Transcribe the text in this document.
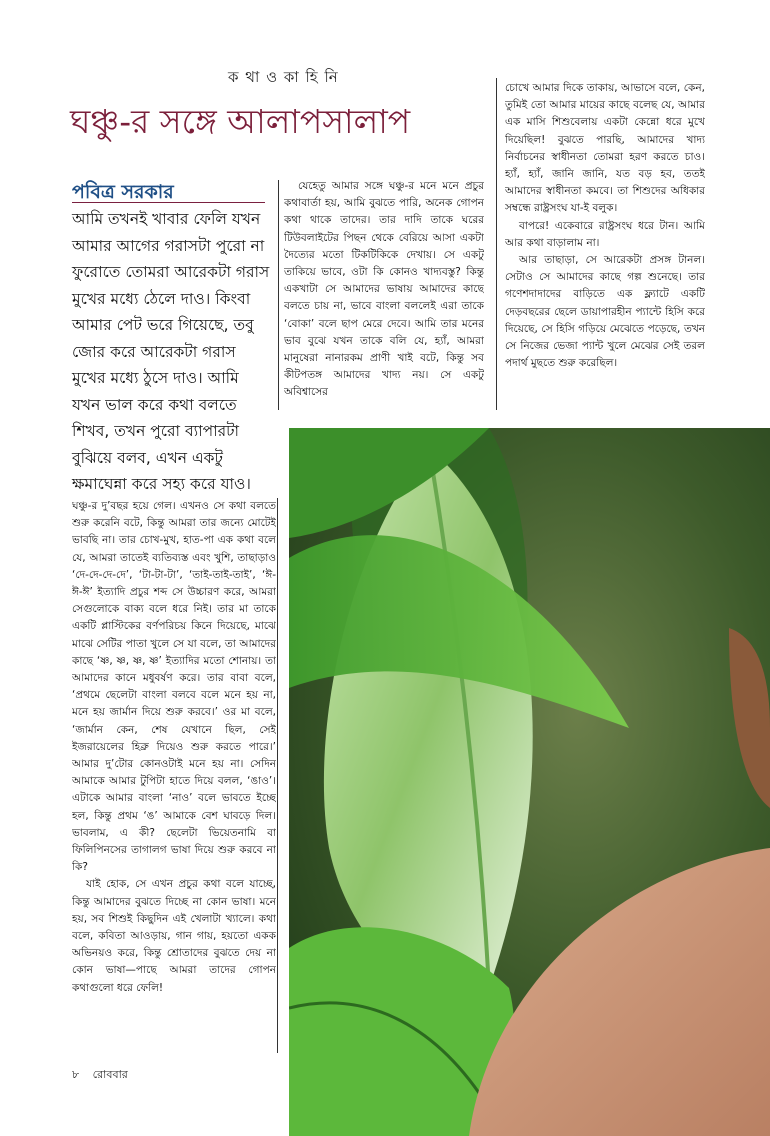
ক থা ও কা হি নি
ঘঞ্চু-র সঙ্গে আলাপসালাপ
পবিত্র সরকার
আমি তখনই খাবার ফেলি যখন আমার আগের গরাসটা পুরো না ফুরোতে তোমরা আরেকটা গরাস মুখের মধ্যে ঠেলে দাও। কিংবা আমার পেট ভরে গিয়েছে, তবু জোর করে আরেকটা গরাস মুখের মধ্যে ঠুসে দাও। আমি যখন ভাল করে কথা বলতে শিখব, তখন পুরো ব্যাপারটা বুঝিয়ে বলব, এখন একটু ক্ষমাঘেন্না করে সহ্য করে যাও।

যেহেতু আমার সঙ্গে ঘঞ্চু-র মনে মনে প্রচুর কথাবার্তা হয়, আমি বুঝতে পারি, অনেক গোপন কথা থাকে তাদের। তার দাদি তাকে ঘরের টিউবলাইটের পিছন থেকে বেরিয়ে আসা একটা দৈত্যের মতো টিকটিকিকে দেখায়। সে একটু তাকিয়ে ভাবে, ওটা কি কোনও খাদ্যবস্তু? কিন্তু একখাটা সে আমাদের ভাষায় আমাদের কাছে বলতে চায় না, ভাবে বাংলা বললেই এরা তাকে ‘বোকা’ বলে ছাপ মেরে দেবে। আমি তার মনের ভাব বুঝে যখন তাকে বলি যে, হ্যাঁ, আমরা মানুষেরা নানারকম প্রাণী খাই বটে, কিন্তু সব কীটপতঙ্গ আমাদের খাদ্য নয়। সে একটু অবিশ্বাসের

চোখে আমার দিকে তাকায়, আভাসে বলে, কেন, তুমিই তো আমার মায়ের কাছে বলেছ যে, আমার এক মাসি শিশুবেলায় একটা কেন্নো ধরে মুখে দিয়েছিল! বুঝতে পারছি, আমাদের খাদ্য নির্বাচনের স্বাধীনতা তোমরা হরণ করতে চাও। হ্যাঁ, হ্যাঁ, জানি জানি, যত বড় হব, ততই আমাদের স্বাধীনতা কমবে। তা শিশুদের অধিকার সম্বন্ধে রাষ্ট্রসংঘ যা-ই বলুক।

বাপরে! একেবারে রাষ্ট্রসংঘ ধরে টান। আমি আর কথা বাড়ালাম না।

আর তাছাড়া, সে আরেকটা প্রসঙ্গ টানল। সেটাও সে আমাদের কাছে গল্প শুনেছে। তার গণেশদাদাদের বাড়িতে এক ফ্ল্যাটে একটি দেড়বছরের ছেলে ডায়াপারহীন প্যান্টে হিসি করে দিয়েছে, সে হিসি গড়িয়ে মেঝেতে পড়েছে, তখন সে নিজের ভেজা প্যান্ট খুলে মেঝের সেই তরল পদার্থ মুছতে শুরু করেছিল।

ঘঞ্চু-র দু’বছর হয়ে গেল। এখনও সে কথা বলতে শুরু করেনি বটে, কিন্তু আমরা তার জন্যে মোটেই ভাবছি না। তার চোখ-মুখ, হাত-পা এক কথা বলে যে, আমরা তাতেই ব্যতিব্যস্ত এবং খুশি, তাছাড়াও ‘দে-দে-দে-দে’, ‘টা-টা-টা’, ‘তাই-তাই-তাই’, ‘ঈ-ঈ-ঈ’ ইত্যাদি প্রচুর শব্দ সে উচ্চারণ করে, আমরা সেগুলোকে বাক্য বলে ধরে নিই। তার মা তাকে একটি প্লাস্টিকের বর্ণপরিচয় কিনে দিয়েছে, মাঝে মাঝে সেটির পাতা খুলে সে যা বলে, তা আমাদের কাছে ‘ষ্ণ, ষ্ণ, ষ্ণ, ষ্ণ’ ইত্যাদির মতো শোনায়। তা আমাদের কানে মধুবর্ষণ করে। তার বাবা বলে, ‘প্রথমে ছেলেটা বাংলা বলবে বলে মনে হয় না, মনে হয় জার্মান দিয়ে শুরু করবে।’ ওর মা বলে, ‘জার্মান কেন, শেষ যেখানে ছিল, সেই ইজরায়েলের হিব্রু দিয়েও শুরু করতে পারে।’ আমার দু’টোর কোনওটাই মনে হয় না। সেদিন আমাকে আমার টুপিটা হাতে দিয়ে বলল, ‘ঙাও’। এটাকে আমার বাংলা ‘নাও’ বলে ভাবতে ইচ্ছে হল, কিন্তু প্রথম ‘ঙ’ আমাকে বেশ ঘাবড়ে দিল। ভাবলাম, এ কী? ছেলেটা ভিয়েতনামি বা ফিলিপিনসের তাগালগ ভাষা দিয়ে শুরু করবে না কি?

যাই হোক, সে এখন প্রচুর কথা বলে যাচ্ছে, কিন্তু আমাদের বুঝতে দিচ্ছে না কোন ভাষা। মনে হয়, সব শিশুই কিছুদিন এই খেলাটা খ্যালে। কথা বলে, কবিতা আওড়ায়, গান গায়, হয়তো একক অভিনয়ও করে, কিন্তু শ্রোতাদের বুঝতে দেয় না কোন ভাষা—পাছে আমরা তাদের গোপন কথাগুলো ধরে ফেলি!

৮ রোববার
